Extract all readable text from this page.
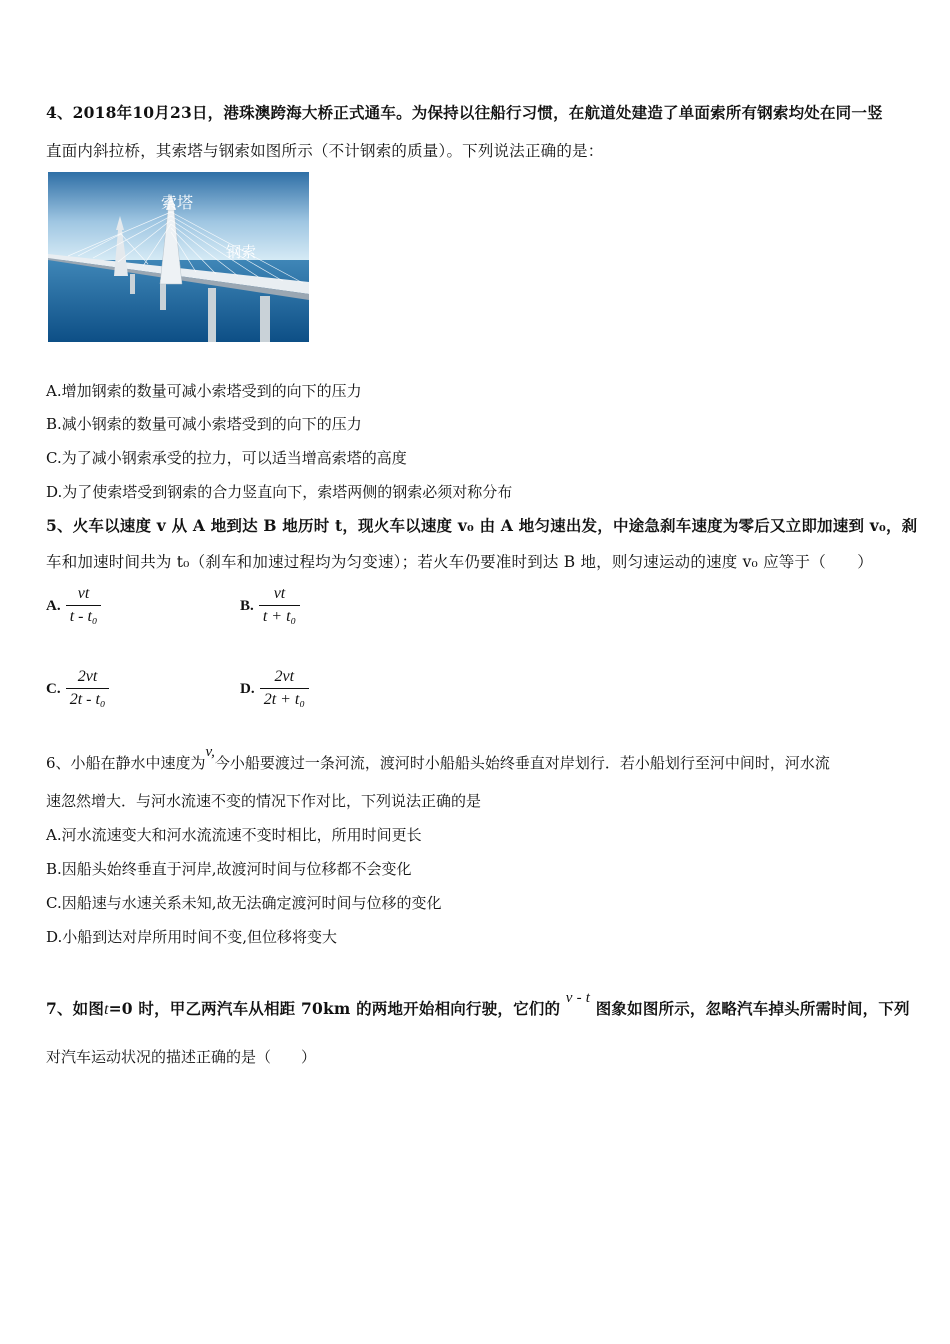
4、2018年10月23日，港珠澳跨海大桥正式通车。为保持以往船行习惯，在航道处建造了单面索所有钢索均处在同一竖
直面内斜拉桥，其索塔与钢索如图所示（不计钢索的质量）。下列说法正确的是：
索塔
钢索
A.增加钢索的数量可减小索塔受到的向下的压力
B.减小钢索的数量可减小索塔受到的向下的压力
C.为了减小钢索承受的拉力，可以适当增高索塔的高度
D.为了使索塔受到钢索的合力竖直向下，索塔两侧的钢索必须对称分布
5、火车以速度 v 从 A 地到达 B 地历时 t，现火车以速度 v₀ 由 A 地匀速出发，中途急刹车速度为零后又立即加速到 v₀，刹
车和加速时间共为 t₀（刹车和加速过程均为匀变速）；若火车仍要准时到达 B 地，则匀速运动的速度 v₀ 应等于（　　）
A. $\frac{vt}{\text{t - t₀}}$	B. $\frac{vt}{\text{t + t₀}}$
C. $\frac{2vt}{\text{2t - t₀}}$	D. $\frac{2vt}{\text{2t + t₀}}$
6、小船在静水中速度为v,今小船要渡过一条河流，渡河时小船船头始终垂直对岸划行．若小船划行至河中间时，河水流
速忽然增大．与河水流速不变的情况下作对比，下列说法正确的是
A.河水流速变大和河水流流速不变时相比，所用时间更长
B.因船头始终垂直于河岸,故渡河时间与位移都不会变化
C.因船速与水速关系未知,故无法确定渡河时间与位移的变化
D.小船到达对岸所用时间不变,但位移将变大
7、如图t=0 时，甲乙两汽车从相距 70km 的两地开始相向行驶，它们的 v - t 图象如图所示，忽略汽车掉头所需时间，下列
对汽车运动状况的描述正确的是（　　）
